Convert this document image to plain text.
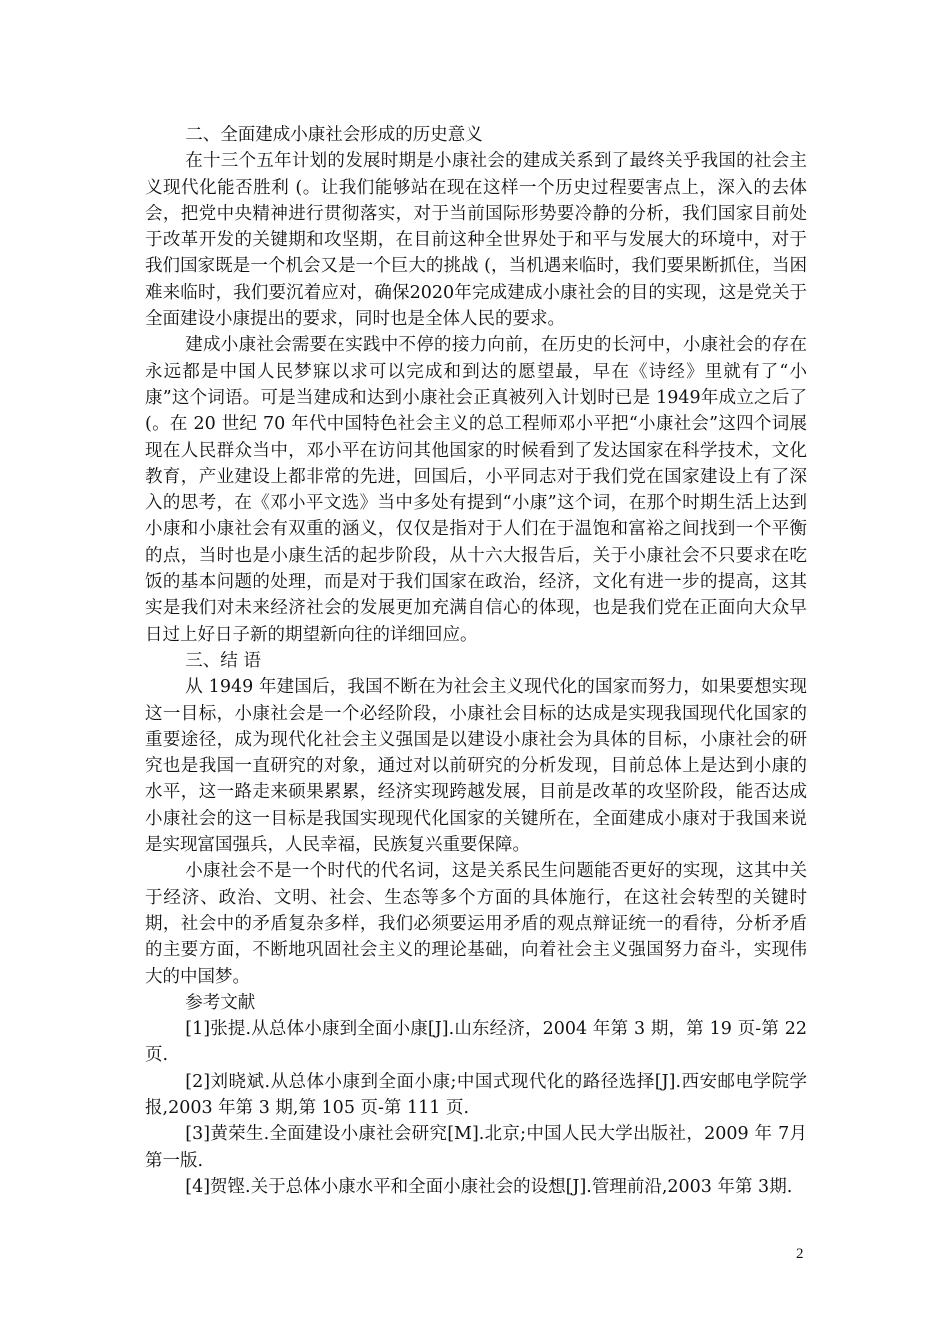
二、全面建成小康社会形成的历史意义

在十三个五年计划的发展时期是小康社会的建成关系到了最终关乎我国的社会主义现代化能否胜利 (。让我们能够站在现在这样一个历史过程要害点上，深入的去体会，把党中央精神进行贯彻落实，对于当前国际形势要冷静的分析，我们国家目前处于改革开发的关键期和攻坚期，在目前这种全世界处于和平与发展大的环境中，对于我们国家既是一个机会又是一个巨大的挑战 (，当机遇来临时，我们要果断抓住，当困难来临时，我们要沉着应对，确保2020年完成建成小康社会的目的实现，这是党关于全面建设小康提出的要求，同时也是全体人民的要求。

建成小康社会需要在实践中不停的接力向前，在历史的长河中，小康社会的存在永远都是中国人民梦寐以求可以完成和到达的愿望最，早在《诗经》里就有了“小康”这个词语。可是当建成和达到小康社会正真被列入计划时已是 1949年成立之后了 (。在 20 世纪 70 年代中国特色社会主义的总工程师邓小平把“小康社会”这四个词展现在人民群众当中，邓小平在访问其他国家的时候看到了发达国家在科学技术，文化教育，产业建设上都非常的先进，回国后，小平同志对于我们党在国家建设上有了深入的思考，在《邓小平文选》当中多处有提到“小康”这个词，在那个时期生活上达到小康和小康社会有双重的涵义，仅仅是指对于人们在于温饱和富裕之间找到一个平衡的点，当时也是小康生活的起步阶段，从十六大报告后，关于小康社会不只要求在吃饭的基本问题的处理，而是对于我们国家在政治，经济，文化有进一步的提高，这其实是我们对未来经济社会的发展更加充满自信心的体现，也是我们党在正面向大众早日过上好日子新的期望新向往的详细回应。

三、结 语

从 1949 年建国后，我国不断在为社会主义现代化的国家而努力，如果要想实现这一目标，小康社会是一个必经阶段，小康社会目标的达成是实现我国现代化国家的重要途径，成为现代化社会主义强国是以建设小康社会为具体的目标，小康社会的研究也是我国一直研究的对象，通过对以前研究的分析发现，目前总体上是达到小康的水平，这一路走来硕果累累，经济实现跨越发展，目前是改革的攻坚阶段，能否达成小康社会的这一目标是我国实现现代化国家的关键所在，全面建成小康对于我国来说是实现富国强兵，人民幸福，民族复兴重要保障。

小康社会不是一个时代的代名词，这是关系民生问题能否更好的实现，这其中关于经济、政治、文明、社会、生态等多个方面的具体施行，在这社会转型的关键时期，社会中的矛盾复杂多样，我们必须要运用矛盾的观点辩证统一的看待，分析矛盾的主要方面，不断地巩固社会主义的理论基础，向着社会主义强国努力奋斗，实现伟大的中国梦。

参考文献

[1]张提.从总体小康到全面小康[J].山东经济，2004 年第 3 期，第 19 页-第 22页.

[2]刘晓斌.从总体小康到全面小康;中国式现代化的路径选择[J].西安邮电学院学报,2003 年第 3 期,第 105 页-第 111 页.

[3]黄荣生.全面建设小康社会研究[M].北京;中国人民大学出版社，2009 年 7月第一版.

[4]贺铿.关于总体小康水平和全面小康社会的设想[J].管理前沿,2003 年第 3期.

2
